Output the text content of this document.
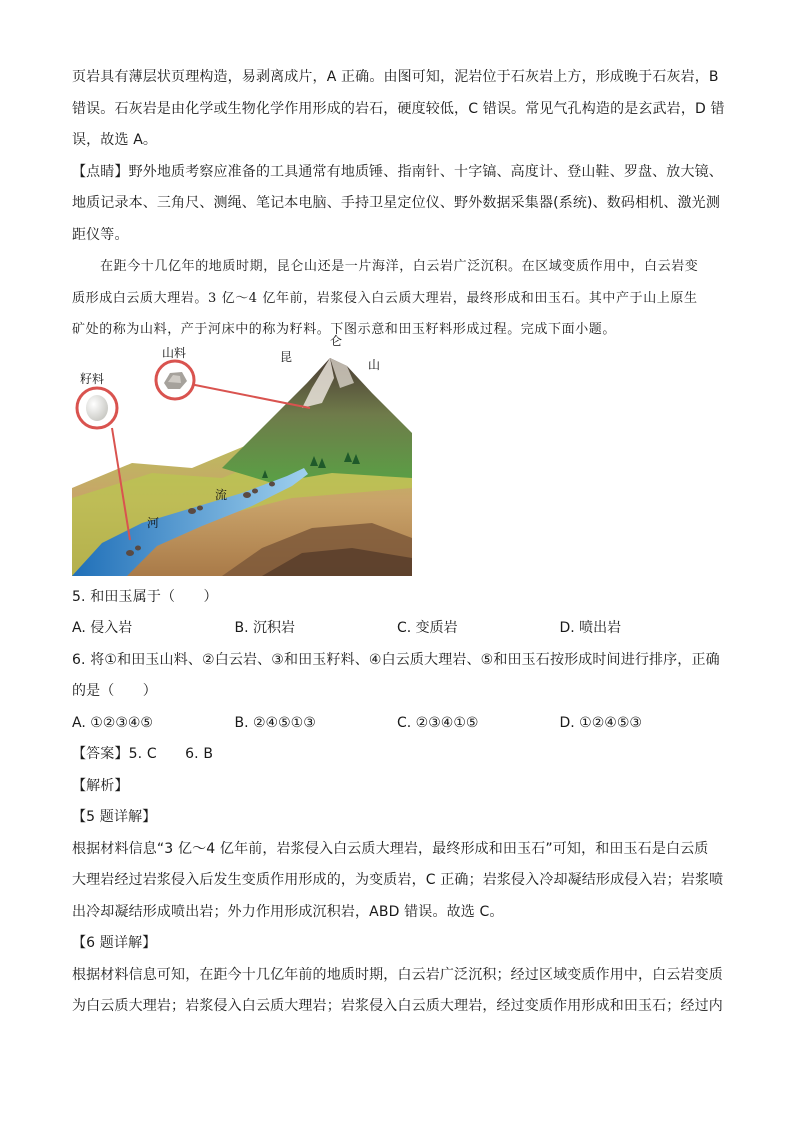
页岩具有薄层状页理构造，易剥离成片，A 正确。由图可知，泥岩位于石灰岩上方，形成晚于石灰岩，B
错误。石灰岩是由化学或生物化学作用形成的岩石，硬度较低，C 错误。常见气孔构造的是玄武岩，D 错
误，故选 A。
【点睛】野外地质考察应准备的工具通常有地质锤、指南针、十字镐、高度计、登山鞋、罗盘、放大镜、
地质记录本、三角尺、测绳、笔记本电脑、手持卫星定位仪、野外数据采集器(系统)、数码相机、激光测
距仪等。
在距今十几亿年的地质时期，昆仑山还是一片海洋，白云岩广泛沉积。在区域变质作用中，白云岩变
质形成白云质大理岩。3 亿～4 亿年前，岩浆侵入白云质大理岩，最终形成和田玉石。其中产于山上原生
矿处的称为山料，产于河床中的称为籽料。下图示意和田玉籽料形成过程。完成下面小题。
山料
籽料
昆
仑
山
流
河
5. 和田玉属于（　　）
A. 侵入岩	B. 沉积岩	C. 变质岩	D. 喷出岩
6. 将①和田玉山料、②白云岩、③和田玉籽料、④白云质大理岩、⑤和田玉石按形成时间进行排序，正确
的是（　　）
A. ①②③④⑤	B. ②④⑤①③	C. ②③④①⑤	D. ①②④⑤③
【答案】5. C　　6. B
【解析】
【5 题详解】
根据材料信息“3 亿～4 亿年前，岩浆侵入白云质大理岩，最终形成和田玉石”可知，和田玉石是白云质
大理岩经过岩浆侵入后发生变质作用形成的，为变质岩，C 正确；岩浆侵入冷却凝结形成侵入岩；岩浆喷
出冷却凝结形成喷出岩；外力作用形成沉积岩，ABD 错误。故选 C。
【6 题详解】
根据材料信息可知，在距今十几亿年前的地质时期，白云岩广泛沉积；经过区域变质作用中，白云岩变质
为白云质大理岩；岩浆侵入白云质大理岩；岩浆侵入白云质大理岩，经过变质作用形成和田玉石；经过内
